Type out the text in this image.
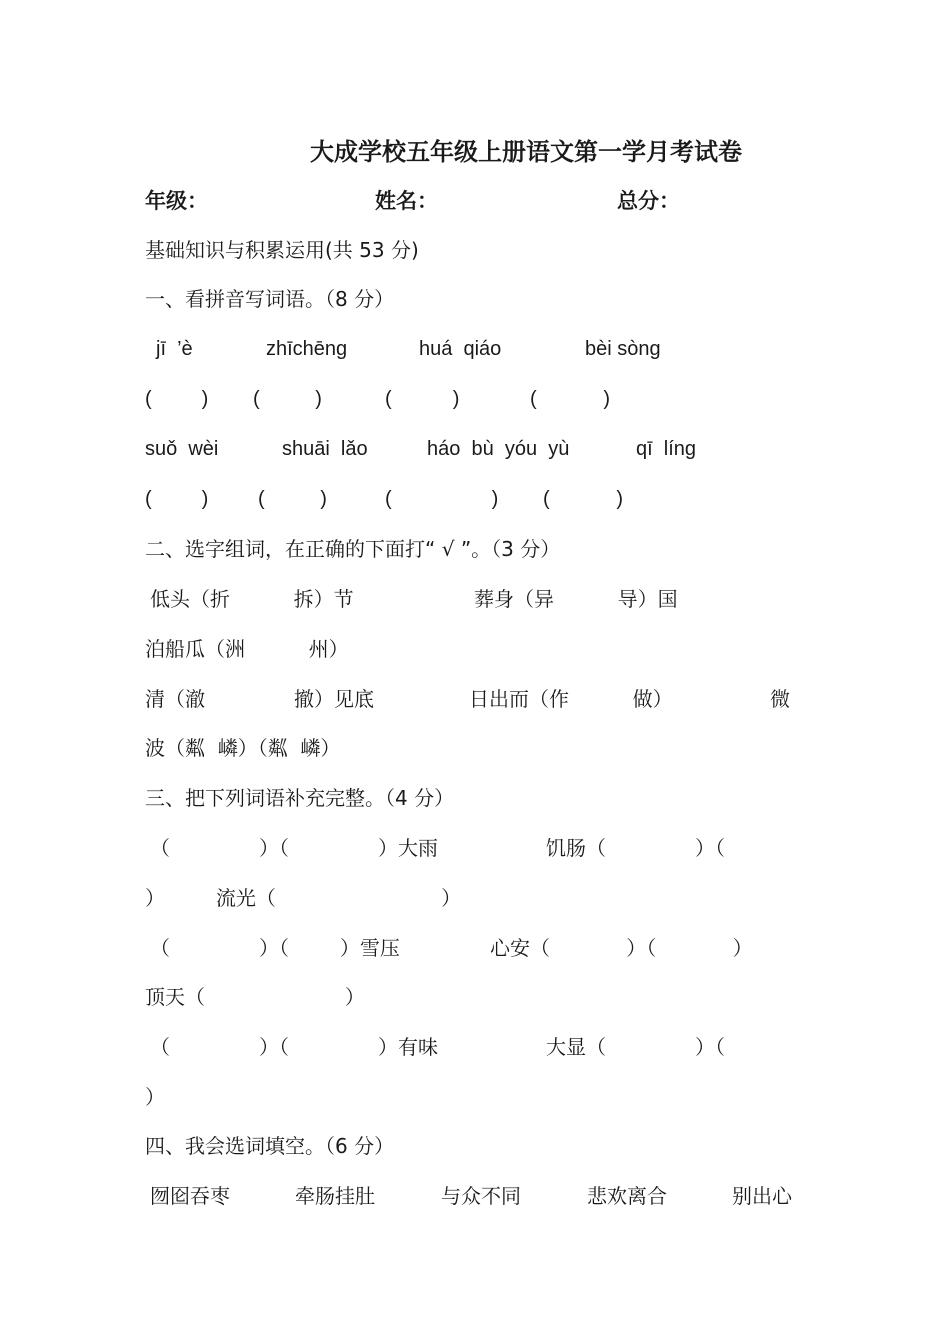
大成学校五年级上册语文第一学月考试卷
年级：	姓名：	总分：
基础知识与积累运用(共 53 分)
一、看拼音写词语。（8 分）
jī  ’è	zhīchēng	huá  qiáo	bèi sòng
(         ) (          )	(           )	(            )
suǒ  wèi	shuāi  lǎo	háo  bù  yóu  yù	qī  líng
(         ) (          )	(                  ) (            )
二、选字组词，在正确的下面打“ √ ”。（3 分）
低头（折          拆）节	葬身（异          导）国
泊船瓜（洲          州）
清（澈              撤）见底	日出而（作          做）	微
波（粼  嶙）（粼  嶙）
三、把下列词语补充完整。（4 分）
（              ）（              ）大雨	饥肠（              ）（
）        流光（                          ）
（              ）（        ）雪压	心安（            ）（            ）
顶天（                      ）
（              ）（              ）有味	大显（              ）（
）
四、我会选词填空。（6 分）
囫囵吞枣	牵肠挂肚	与众不同	悲欢离合	别出心
